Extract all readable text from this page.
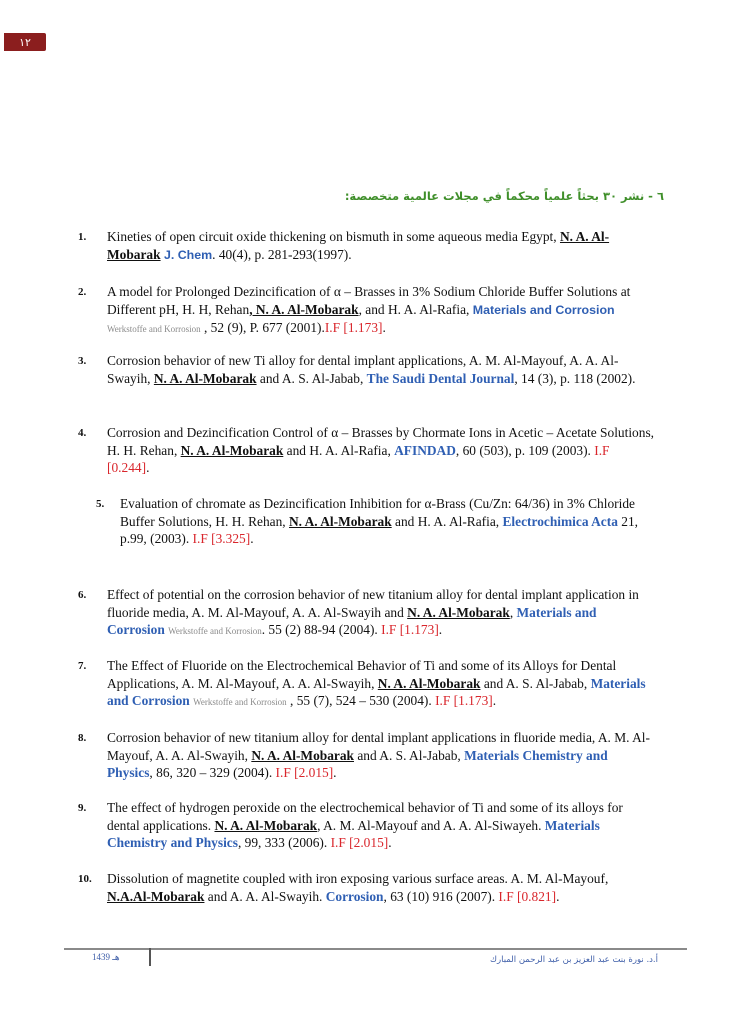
١٢
٦ - نشر ٣٠ بحثاً علمياً محكماً في مجلات عالمية متخصصة:
1.	Kineties of open circuit oxide thickening on bismuth in some aqueous media Egypt, N. A. Al-Mobarak J. Chem. 40(4), p. 281-293(1997).
2.	A model for Prolonged Dezincification of α – Brasses in 3% Sodium Chloride Buffer Solutions at Different pH, H. H, Rehan, N. A. Al-Mobarak, and H. A. Al-Rafia, Materials and Corrosion Werkstoffe and Korrosion , 52 (9), P. 677 (2001).I.F [1.173].
3.	Corrosion behavior of new Ti alloy for dental implant applications, A. M. Al-Mayouf, A. A. Al-Swayih, N. A. Al-Mobarak and A. S. Al-Jabab, The Saudi Dental Journal, 14 (3), p. 118 (2002).
4.	Corrosion and Dezincification Control of α – Brasses by Chormate Ions in Acetic – Acetate Solutions, H. H. Rehan, N. A. Al-Mobarak and H. A. Al-Rafia, AFINDAD, 60 (503), p. 109 (2003). I.F [0.244].
5.	Evaluation of chromate as Dezincification Inhibition for α-Brass (Cu/Zn: 64/36) in 3% Chloride Buffer Solutions, H. H. Rehan, N. A. Al-Mobarak and H. A. Al-Rafia, Electrochimica Acta 21, p.99, (2003). I.F [3.325].
6.	Effect of potential on the corrosion behavior of new titanium alloy for dental implant application in fluoride media, A. M. Al-Mayouf, A. A. Al-Swayih and N. A. Al-Mobarak, Materials and Corrosion Werkstoffe and Korrosion. 55 (2) 88-94 (2004). I.F [1.173].
7.	The Effect of Fluoride on the Electrochemical Behavior of Ti and some of its Alloys for Dental Applications, A. M. Al-Mayouf, A. A. Al-Swayih, N. A. Al-Mobarak and A. S. Al-Jabab, Materials and Corrosion Werkstoffe and Korrosion , 55 (7), 524 – 530 (2004). I.F [1.173].
8.	Corrosion behavior of new titanium alloy for dental implant applications in fluoride media, A. M. Al-Mayouf, A. A. Al-Swayih, N. A. Al-Mobarak and A. S. Al-Jabab, Materials Chemistry and Physics, 86, 320 – 329 (2004). I.F [2.015].
9.	The effect of hydrogen peroxide on the electrochemical behavior of Ti and some of its alloys for dental applications. N. A. Al-Mobarak, A. M. Al-Mayouf and A. A. Al-Siwayeh. Materials Chemistry and Physics, 99, 333 (2006). I.F [2.015].
10.	Dissolution of magnetite coupled with iron exposing various surface areas. A. M. Al-Mayouf, N.A.Al-Mobarak and A. A. Al-Swayih. Corrosion, 63 (10) 916 (2007). I.F [0.821].
1439 هـ	أ.د. نورة بنت عبد العزيز بن عبد الرحمن المبارك
